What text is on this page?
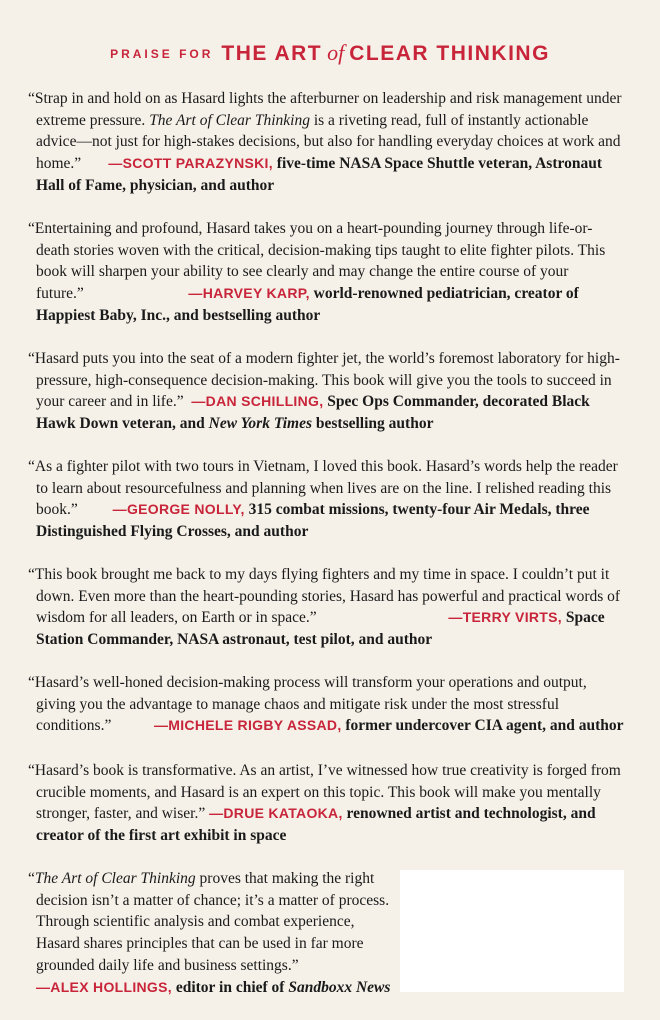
PRAISE FOR THE ART of CLEAR THINKING

“Strap in and hold on as Hasard lights the afterburner on leadership and risk management under extreme pressure. The Art of Clear Thinking is a riveting read, full of instantly actionable advice—not just for high-stakes decisions, but also for handling everyday choices at work and home.” —SCOTT PARAZYNSKI, five-time NASA Space Shuttle veteran, Astronaut Hall of Fame, physician, and author

“Entertaining and profound, Hasard takes you on a heart-pounding journey through life-or-death stories woven with the critical, decision-making tips taught to elite fighter pilots. This book will sharpen your ability to see clearly and may change the entire course of your future.”	—HARVEY KARP, world-renowned pediatrician, creator of Happiest Baby, Inc., and bestselling author

“Hasard puts you into the seat of a modern fighter jet, the world’s foremost laboratory for high-pressure, high-consequence decision-making. This book will give you the tools to succeed in your career and in life.” —DAN SCHILLING, Spec Ops Commander, decorated Black Hawk Down veteran, and New York Times bestselling author

“As a fighter pilot with two tours in Vietnam, I loved this book. Hasard’s words help the reader to learn about resourcefulness and planning when lives are on the line. I relished reading this book.” —GEORGE NOLLY, 315 combat missions, twenty-four Air Medals, three Distinguished Flying Crosses, and author

“This book brought me back to my days flying fighters and my time in space. I couldn’t put it down. Even more than the heart-pounding stories, Hasard has powerful and practical words of wisdom for all leaders, on Earth or in space.”	—TERRY VIRTS, Space Station Commander, NASA astronaut, test pilot, and author

“Hasard’s well-honed decision-making process will transform your operations and output, giving you the advantage to manage chaos and mitigate risk under the most stressful conditions.”	—MICHELE RIGBY ASSAD, former undercover CIA agent, and author

“Hasard’s book is transformative. As an artist, I’ve witnessed how true creativity is forged from crucible moments, and Hasard is an expert on this topic. This book will make you mentally stronger, faster, and wiser.” —DRUE KATAOKA, renowned artist and technologist, and creator of the first art exhibit in space

“The Art of Clear Thinking proves that making the right decision isn’t a matter of chance; it’s a matter of process. Through scientific analysis and combat experience, Hasard shares principles that can be used in far more grounded daily life and business settings.”
—ALEX HOLLINGS, editor in chief of Sandboxx News
